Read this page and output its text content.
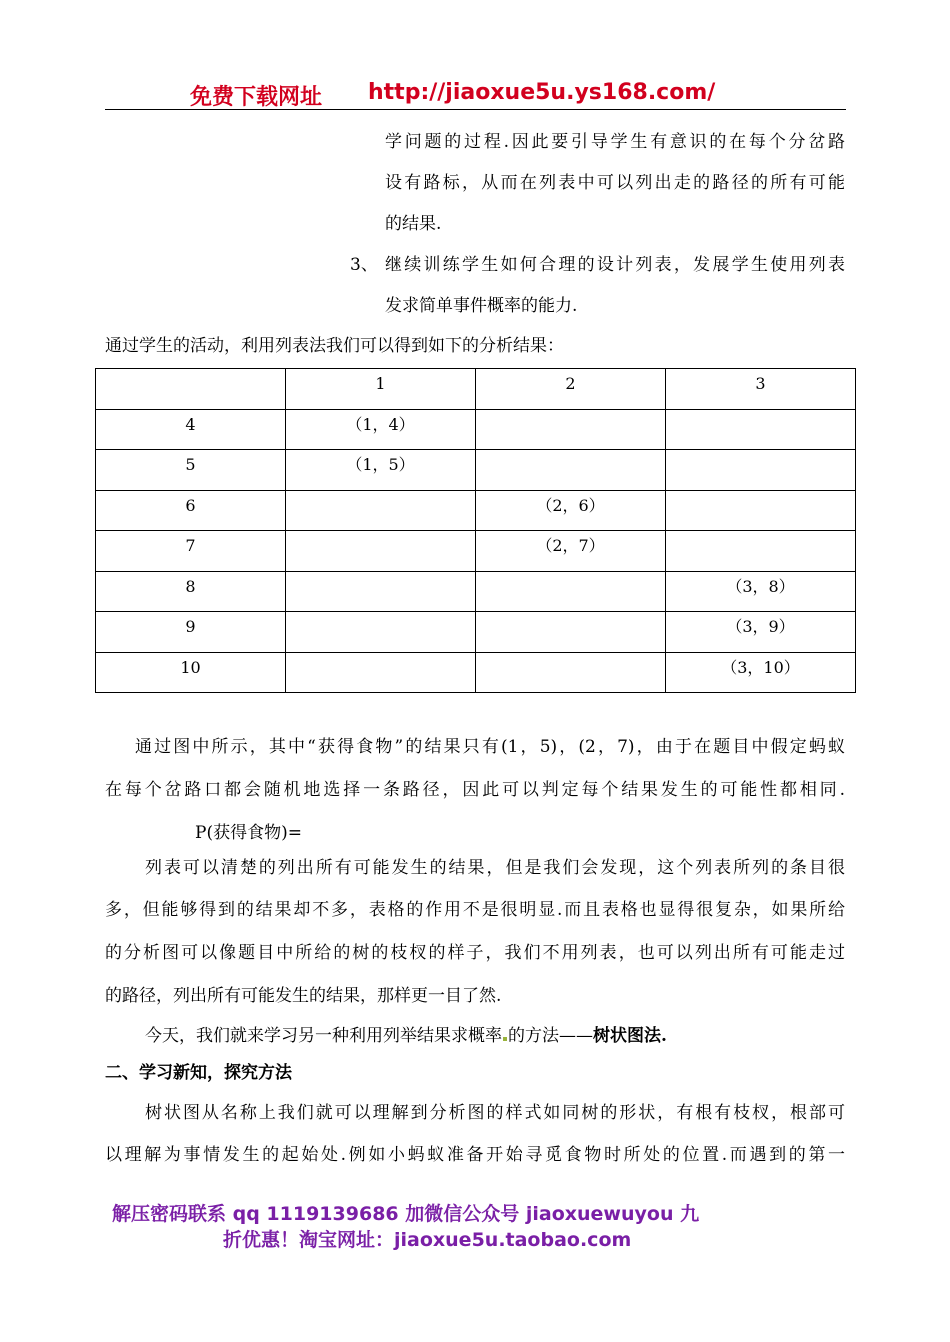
免费下载网址 http://jiaoxue5u.ys168.com/
学问题的过程.因此要引导学生有意识的在每个分岔路
设有路标，从而在列表中可以列出走的路径的所有可能
的结果.
3、 继续训练学生如何合理的设计列表，发展学生使用列表
发求简单事件概率的能力.
通过学生的活动，利用列表法我们可以得到如下的分析结果：
	1	2	3
4	（1，4）		
5	（1，5）		
6		（2，6）	
7		（2，7）	
8			（3，8）
9			（3，9）
10			（3，10）
通过图中所示，其中“获得食物”的结果只有(1，5)，(2，7)，由于在题目中假定蚂蚁
在每个岔路口都会随机地选择一条路径，因此可以判定每个结果发生的可能性都相同.
P(获得食物)=
列表可以清楚的列出所有可能发生的结果，但是我们会发现，这个列表所列的条目很
多，但能够得到的结果却不多，表格的作用不是很明显.而且表格也显得很复杂，如果所给
的分析图可以像题目中所给的树的枝杈的样子，我们不用列表，也可以列出所有可能走过
的路径，列出所有可能发生的结果，那样更一目了然.
今天，我们就来学习另一种利用列举结果求概率 的方法——树状图法.
二、学习新知，探究方法
树状图从名称上我们就可以理解到分析图的样式如同树的形状，有根有枝杈，根部可
以理解为事情发生的起始处.例如小蚂蚁准备开始寻觅食物时所处的位置.而遇到的第一
解压密码联系 qq 1119139686 加微信公众号 jiaoxuewuyou 九
折优惠！淘宝网址：jiaoxue5u.taobao.com
